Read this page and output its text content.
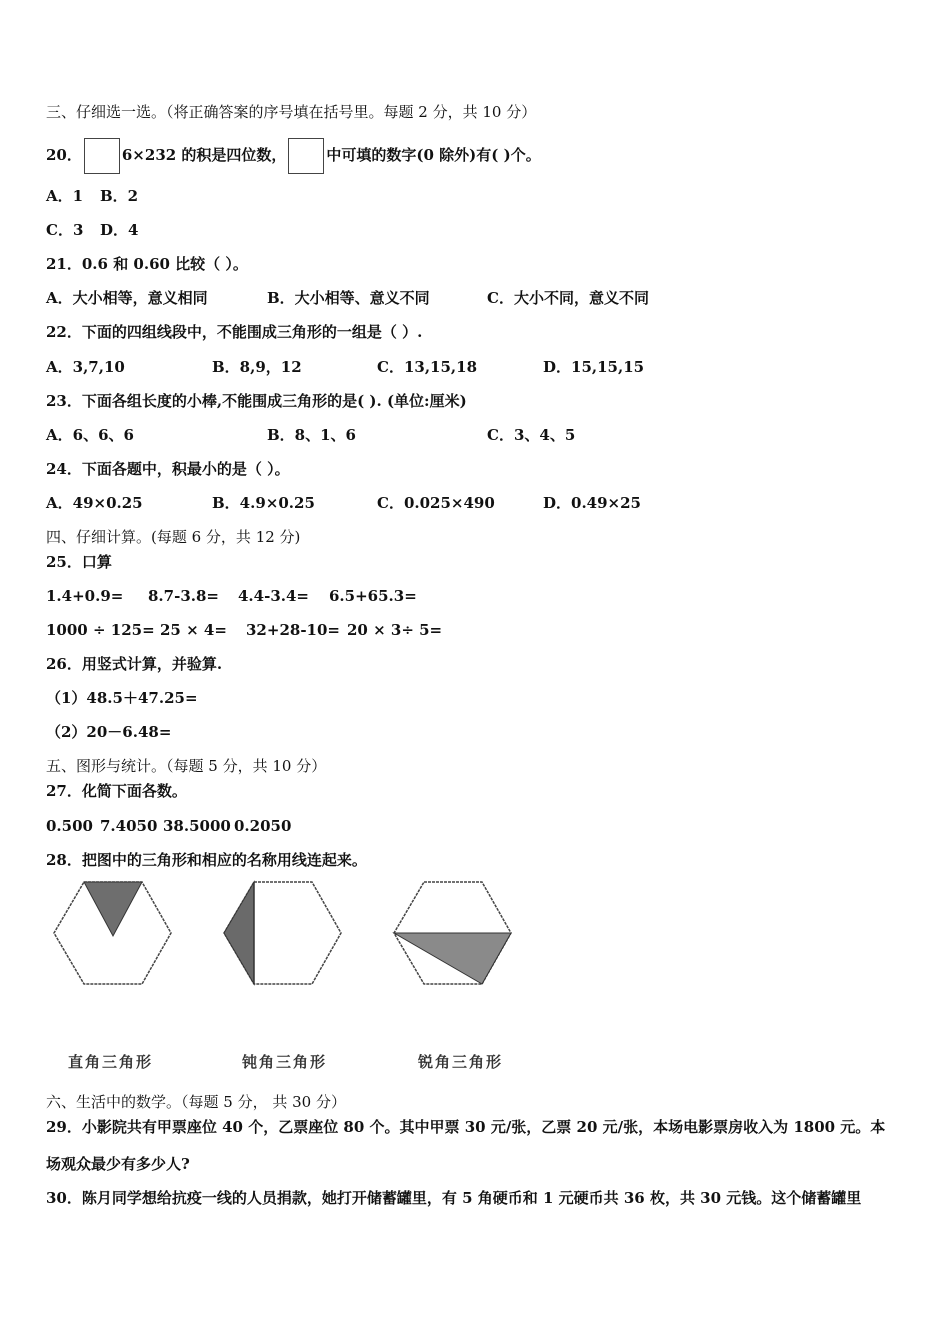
三、仔细选一选。（将正确答案的序号填在括号里。每题 2 分，共 10 分）
20．	6×232 的积是四位数，	中可填的数字(0 除外)有( )个。
A．1 B．2
C．3 D．4
21．0.6 和 0.60 比较（ ）。
A．大小相等，意义相同	B．大小相等、意义不同	C．大小不同，意义不同
22．下面的四组线段中，不能围成三角形的一组是（ ）.
A．3,7,10	B．8,9，12	C．13,15,18	D．15,15,15
23．下面各组长度的小棒,不能围成三角形的是( ). (单位:厘米)
A．6、6、6	B．8、1、6	C．3、4、5
24．下面各题中，积最小的是（ ）。
A．49×0.25	B．4.9×0.25	C．0.025×490	D．0.49×25
四、仔细计算。(每题 6 分，共 12 分)
25．口算
1.4+0.9= 8.7-3.8= 4.4-3.4= 6.5+65.3=
1000 ÷ 125= 25 × 4= 32+28-10= 20 × 3÷ 5=
26．用竖式计算，并验算.
（1）48.5＋47.25=
（2）20－6.48=
五、图形与统计。（每题 5 分，共 10 分）
27．化简下面各数。
0.500 7.4050 38.5000 0.2050
28．把图中的三角形和相应的名称用线连起来。
直角三角形	钝角三角形	锐角三角形
六、生活中的数学。（每题 5 分， 共 30 分）
29．小影院共有甲票座位 40 个，乙票座位 80 个。其中甲票 30 元/张，乙票 20 元/张，本场电影票房收入为 1800 元。本
场观众最少有多少人?
30．陈月同学想给抗疫一线的人员捐款，她打开储蓄罐里，有 5 角硬币和 1 元硬币共 36 枚，共 30 元钱。这个储蓄罐里
